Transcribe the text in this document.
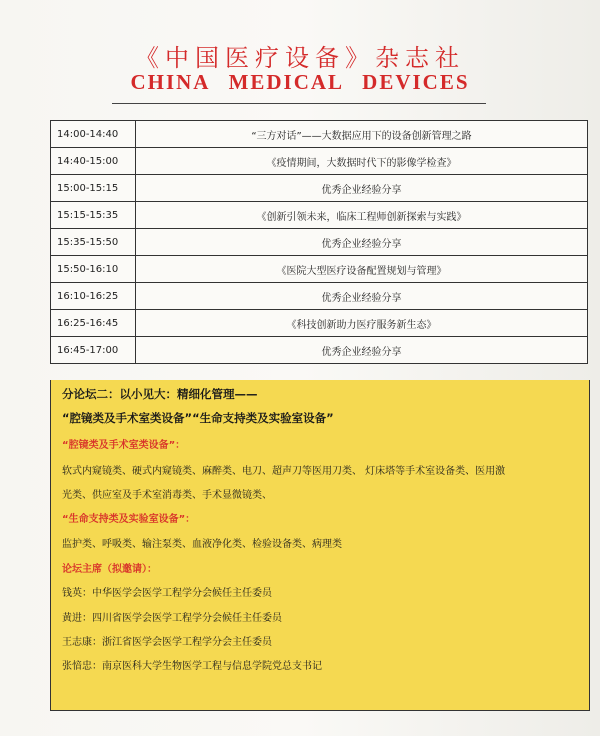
《中国医疗设备》杂志社
CHINA MEDICAL DEVICES
14:00-14:40	“三方对话”——大数据应用下的设备创新管理之路
14:40-15:00	《疫情期间，大数据时代下的影像学检查》
15:00-15:15	优秀企业经验分享
15:15-15:35	《创新引领未来，临床工程师创新探索与实践》
15:35-15:50	优秀企业经验分享
15:50-16:10	《医院大型医疗设备配置规划与管理》
16:10-16:25	优秀企业经验分享
16:25-16:45	《科技创新助力医疗服务新生态》
16:45-17:00	优秀企业经验分享
分论坛二：以小见大：精细化管理——
“腔镜类及手术室类设备”“生命支持类及实验室设备”
“腔镜类及手术室类设备”：
软式内窥镜类、硬式内窥镜类、麻醉类、电刀、超声刀等医用刀类、 灯床塔等手术室设备类、医用激
光类、供应室及手术室消毒类、手术显微镜类、
“生命支持类及实验室设备”：
监护类、呼吸类、输注泵类、血液净化类、检验设备类、病理类
论坛主席（拟邀请）：
钱英：中华医学会医学工程学分会候任主任委员
黄进：四川省医学会医学工程学分会候任主任委员
王志康：浙江省医学会医学工程学分会主任委员
张愔忠：南京医科大学生物医学工程与信息学院党总支书记
